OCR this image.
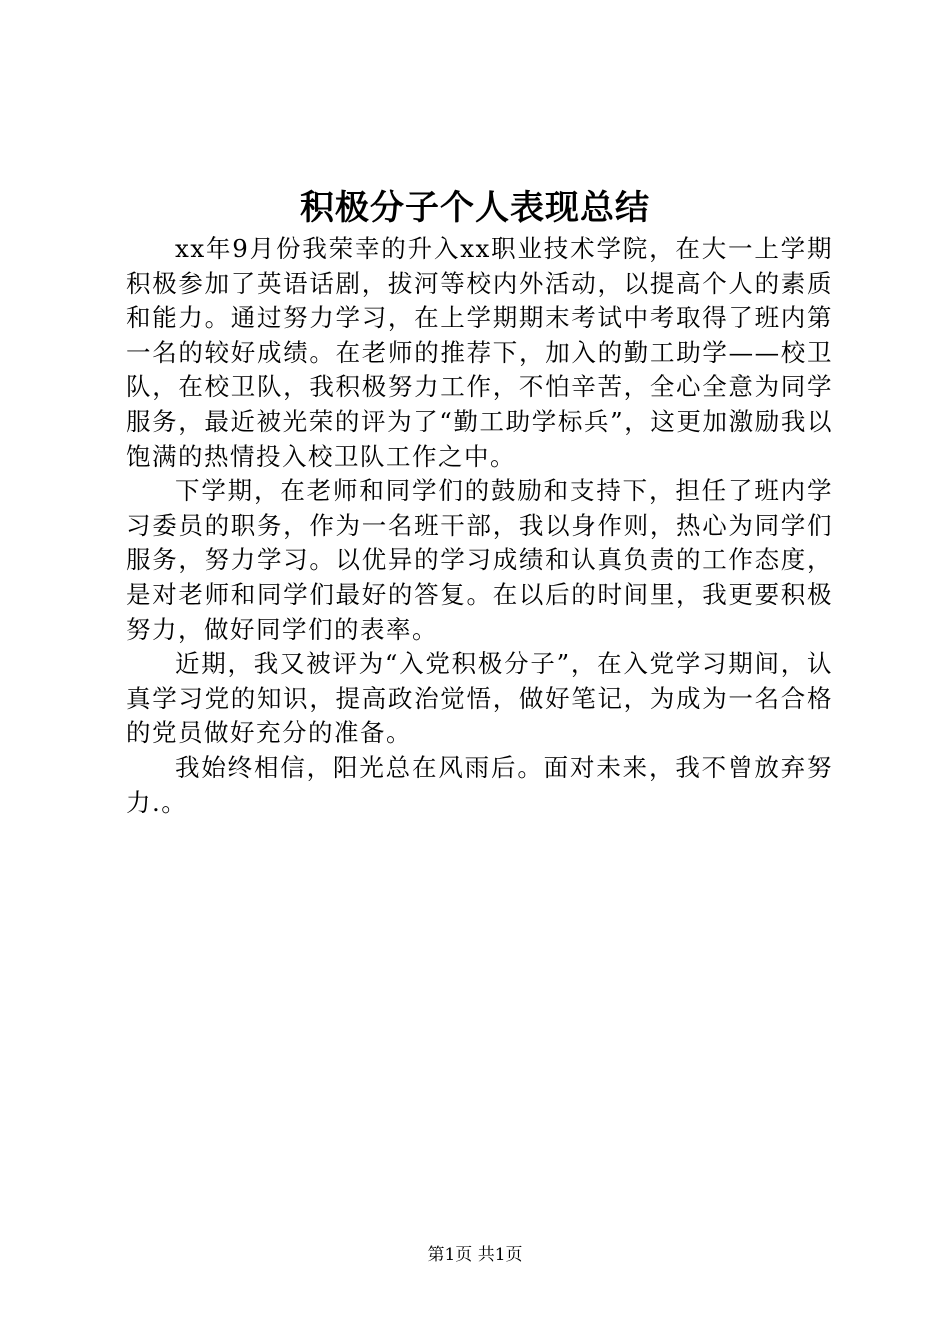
积极分子个人表现总结

xx年9月份我荣幸的升入xx职业技术学院，在大一上学期积极参加了英语话剧，拔河等校内外活动，以提高个人的素质和能力。通过努力学习，在上学期期末考试中考取得了班内第一名的较好成绩。在老师的推荐下，加入的勤工助学——校卫队，在校卫队，我积极努力工作，不怕辛苦，全心全意为同学服务，最近被光荣的评为了“勤工助学标兵”，这更加激励我以饱满的热情投入校卫队工作之中。

下学期，在老师和同学们的鼓励和支持下，担任了班内学习委员的职务，作为一名班干部，我以身作则，热心为同学们服务，努力学习。以优异的学习成绩和认真负责的工作态度，是对老师和同学们最好的答复。在以后的时间里，我更要积极努力，做好同学们的表率。

近期，我又被评为“入党积极分子”，在入党学习期间，认真学习党的知识，提高政治觉悟，做好笔记，为成为一名合格的党员做好充分的准备。

我始终相信，阳光总在风雨后。面对未来，我不曾放弃努力.。

第1页 共1页
